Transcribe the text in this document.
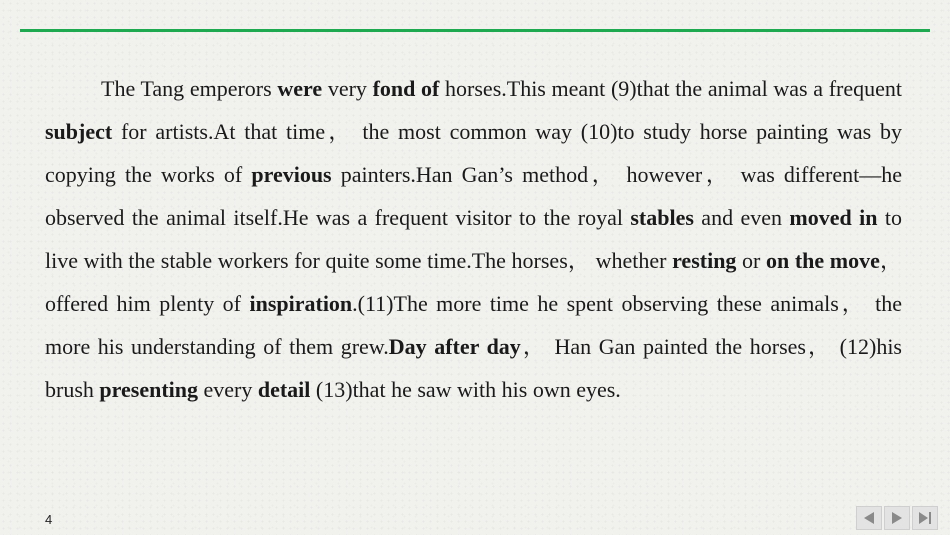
The Tang emperors were very fond of horses.This meant (9)that the animal was a frequent subject for artists.At that time， the most common way (10)to study horse painting was by copying the works of previous painters.Han Gan’s method， however， was different—he observed the animal itself.He was a frequent visitor to the royal stables and even moved in to live with the stable workers for quite some time.The horses， whether resting or on the move， offered him plenty of inspiration.(11)The more time he spent observing these animals， the more his understanding of them grew.Day after day， Han Gan painted the horses， (12)his brush presenting every detail (13)that he saw with his own eyes.

4
